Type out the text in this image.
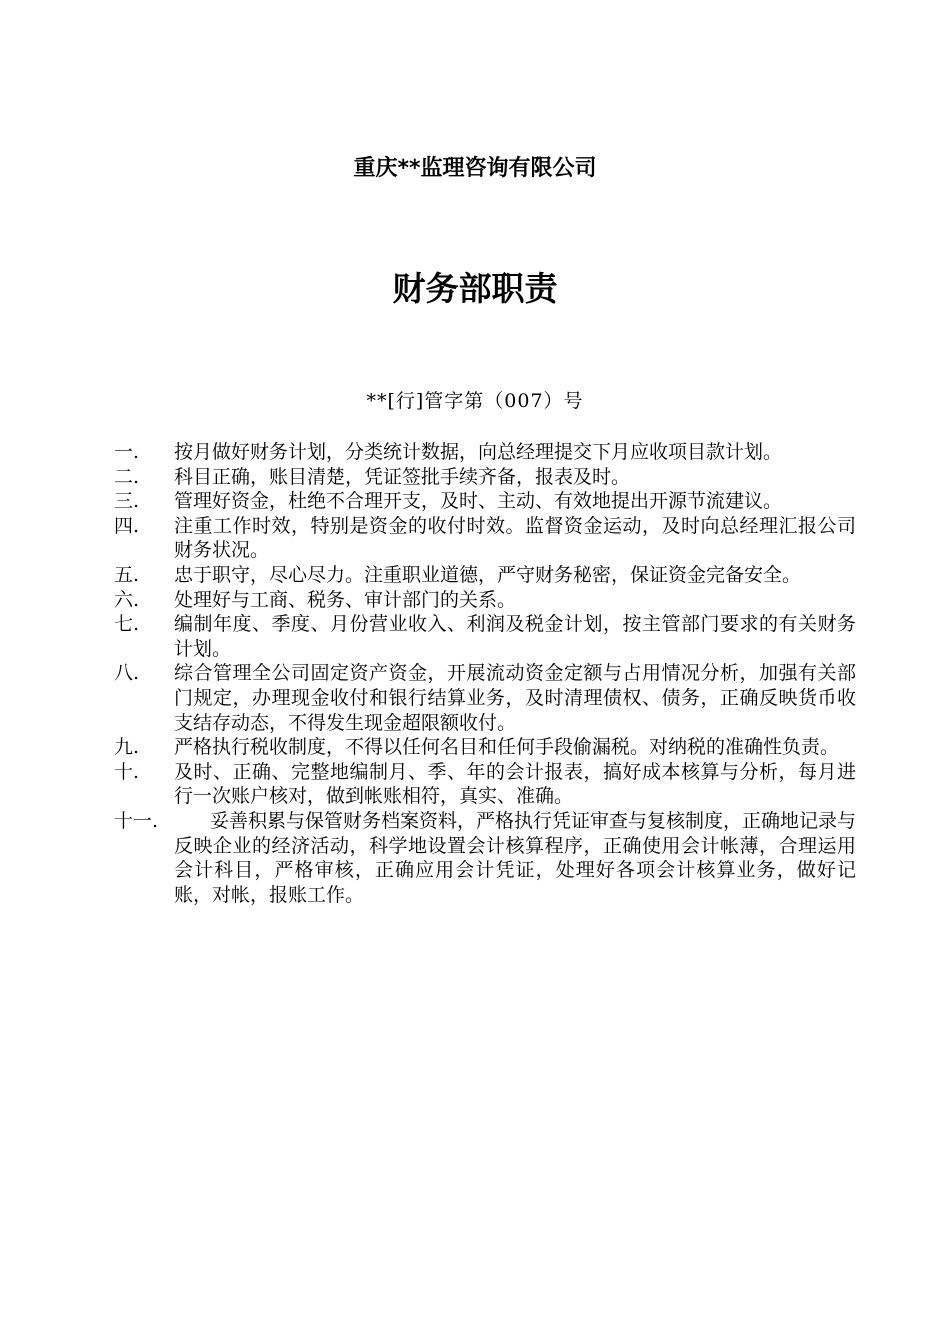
重庆**监理咨询有限公司
财务部职责
**[行]管字第（007）号
一.	按月做好财务计划，分类统计数据，向总经理提交下月应收项目款计划。
二.	科目正确，账目清楚，凭证签批手续齐备，报表及时。
三.	管理好资金，杜绝不合理开支，及时、主动、有效地提出开源节流建议。
四.	注重工作时效，特别是资金的收付时效。监督资金运动，及时向总经理汇报公司财务状况。
五.	忠于职守，尽心尽力。注重职业道德，严守财务秘密，保证资金完备安全。
六.	处理好与工商、税务、审计部门的关系。
七.	编制年度、季度、月份营业收入、利润及税金计划，按主管部门要求的有关财务计划。
八.	综合管理全公司固定资产资金，开展流动资金定额与占用情况分析，加强有关部门规定，办理现金收付和银行结算业务，及时清理债权、债务，正确反映货币收支结存动态，不得发生现金超限额收付。
九.	严格执行税收制度，不得以任何名目和任何手段偷漏税。对纳税的准确性负责。
十.	及时、正确、完整地编制月、季、年的会计报表，搞好成本核算与分析，每月进行一次账户核对，做到帐账相符，真实、准确。
十一.	妥善积累与保管财务档案资料，严格执行凭证审查与复核制度，正确地记录与反映企业的经济活动，科学地设置会计核算程序，正确使用会计帐薄，合理运用会计科目，严格审核，正确应用会计凭证，处理好各项会计核算业务，做好记账，对帐，报账工作。
